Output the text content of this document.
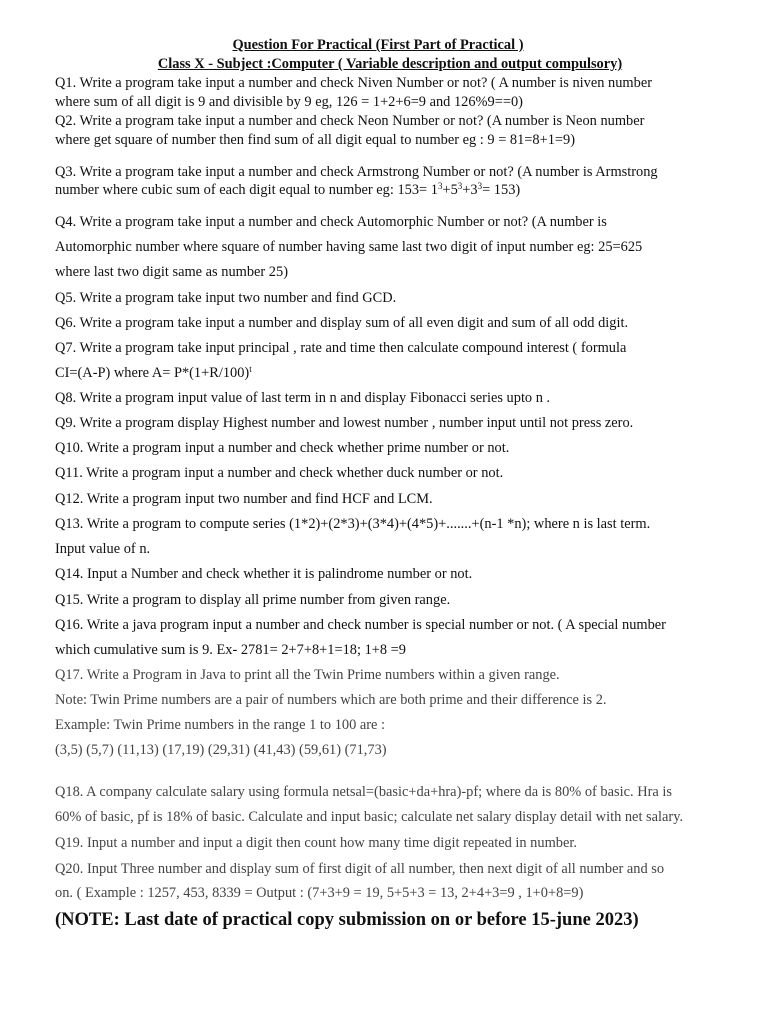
Question For Practical (First Part of Practical )
Class X - Subject :Computer ( Variable description and output compulsory)
Q1. Write a program take input a number and check Niven Number or not? ( A number is niven number
where sum of all digit is 9 and divisible by 9 eg, 126 = 1+2+6=9 and 126%9==0)
Q2. Write a program take input a number and check Neon Number or not? (A number is Neon number
where get square of number then find sum of all digit equal to number eg : 9 = 81=8+1=9)
Q3. Write a program take input a number and check Armstrong Number or not? (A number is Armstrong
number where cubic sum of each digit equal to number eg: $153= 1^3+5^3+3^3= 153$)
Q4. Write a program take input a number and check Automorphic Number or not? (A number is
Automorphic number where square of number having same last two digit of input number eg: 25=625
where last two digit same as number 25)
Q5. Write a program take input two number and find GCD.
Q6. Write a program take input a number and display sum of all even digit and sum of all odd digit.
Q7. Write a program take input principal , rate and time then calculate compound interest ( formula
CI=(A-P) where $A= P*(1+R/100)^t$
Q8. Write a program input value of last term in n and display Fibonacci series upto n .
Q9. Write a program display Highest number and lowest number , number input until not press zero.
Q10. Write a program input a number and check whether prime number or not.
Q11. Write a program input a number and check whether duck number or not.
Q12. Write a program input two number and find HCF and LCM.
Q13. Write a program to compute series (1*2)+(2*3)+(3*4)+(4*5)+.......+(n-1 *n); where n is last term.
Input value of n.
Q14. Input a Number and check whether it is palindrome number or not.
Q15. Write a program to display all prime number from given range.
Q16. Write a java program input a number and check number is special number or not. ( A special number
which cumulative sum is 9. Ex- 2781= 2+7+8+1=18; 1+8 =9
Q17. Write a Program in Java to print all the Twin Prime numbers within a given range.
Note: Twin Prime numbers are a pair of numbers which are both prime and their difference is 2.
Example: Twin Prime numbers in the range 1 to 100 are :
(3,5) (5,7) (11,13) (17,19) (29,31) (41,43) (59,61) (71,73)
Q18. A company calculate salary using formula netsal=(basic+da+hra)-pf; where da is 80% of basic. Hra is
60% of basic, pf is 18% of basic. Calculate and input basic; calculate net salary display detail with net salary.
Q19. Input a number and input a digit then count how many time digit repeated in number.
Q20. Input Three number and display sum of first digit of all number, then next digit of all number and so
on. ( Example : 1257, 453, 8339 = Output : (7+3+9 = 19, 5+5+3 = 13, 2+4+3=9 , 1+0+8=9)
(NOTE: Last date of practical copy submission on or before 15-june 2023)
